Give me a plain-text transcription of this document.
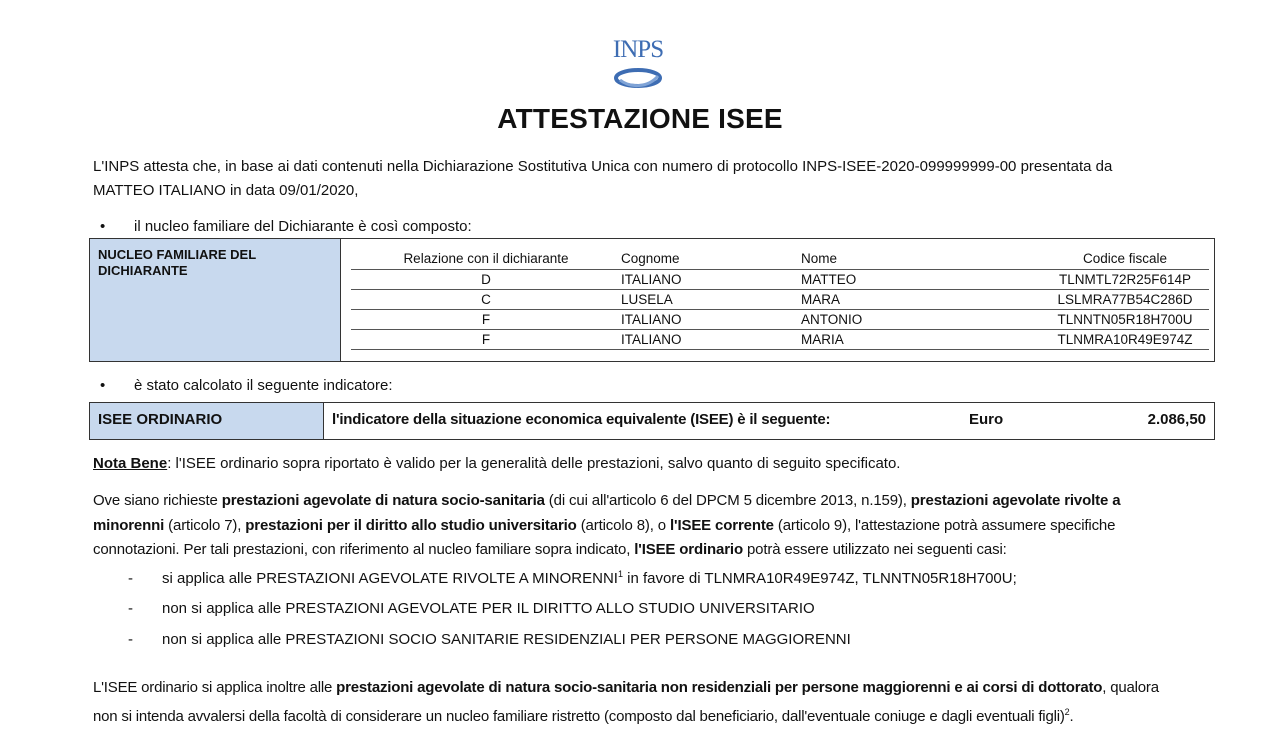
INPS
ATTESTAZIONE ISEE
L'INPS attesta che, in base ai dati contenuti nella Dichiarazione Sostitutiva Unica con numero di protocollo INPS-ISEE-2020-099999999-00 presentata da
MATTEO ITALIANO in data 09/01/2020,
• il nucleo familiare del Dichiarante è così composto:
NUCLEO FAMILIARE DEL DICHIARANTE	
Relazione con il dichiarante	Cognome	Nome	Codice fiscale
D	ITALIANO	MATTEO	TLNMTL72R25F614P
C	LUSELA	MARA	LSLMRA77B54C286D
F	ITALIANO	ANTONIO	TLNNTN05R18H700U
F	ITALIANO	MARIA	TLNMRA10R49E974Z
• è stato calcolato il seguente indicatore:
ISEE ORDINARIO	l'indicatore della situazione economica equivalente (ISEE) è il seguente:	Euro	2.086,50
Nota Bene: l'ISEE ordinario sopra riportato è valido per la generalità delle prestazioni, salvo quanto di seguito specificato.
Ove siano richieste prestazioni agevolate di natura socio-sanitaria (di cui all'articolo 6 del DPCM 5 dicembre 2013, n.159), prestazioni agevolate rivolte a
minorenni (articolo 7), prestazioni per il diritto allo studio universitario (articolo 8), o l'ISEE corrente (articolo 9), l'attestazione potrà assumere specifiche
connotazioni. Per tali prestazioni, con riferimento al nucleo familiare sopra indicato, l'ISEE ordinario potrà essere utilizzato nei seguenti casi:
- si applica alle PRESTAZIONI AGEVOLATE RIVOLTE A MINORENNI$^1$ in favore di TLNMRA10R49E974Z, TLNNTN05R18H700U;
- non si applica alle PRESTAZIONI AGEVOLATE PER IL DIRITTO ALLO STUDIO UNIVERSITARIO
- non si applica alle PRESTAZIONI SOCIO SANITARIE RESIDENZIALI PER PERSONE MAGGIORENNI
L'ISEE ordinario si applica inoltre alle prestazioni agevolate di natura socio-sanitaria non residenziali per persone maggiorenni e ai corsi di dottorato, qualora
non si intenda avvalersi della facoltà di considerare un nucleo familiare ristretto (composto dal beneficiario, dall'eventuale coniuge e dagli eventuali figli)$^2$.
